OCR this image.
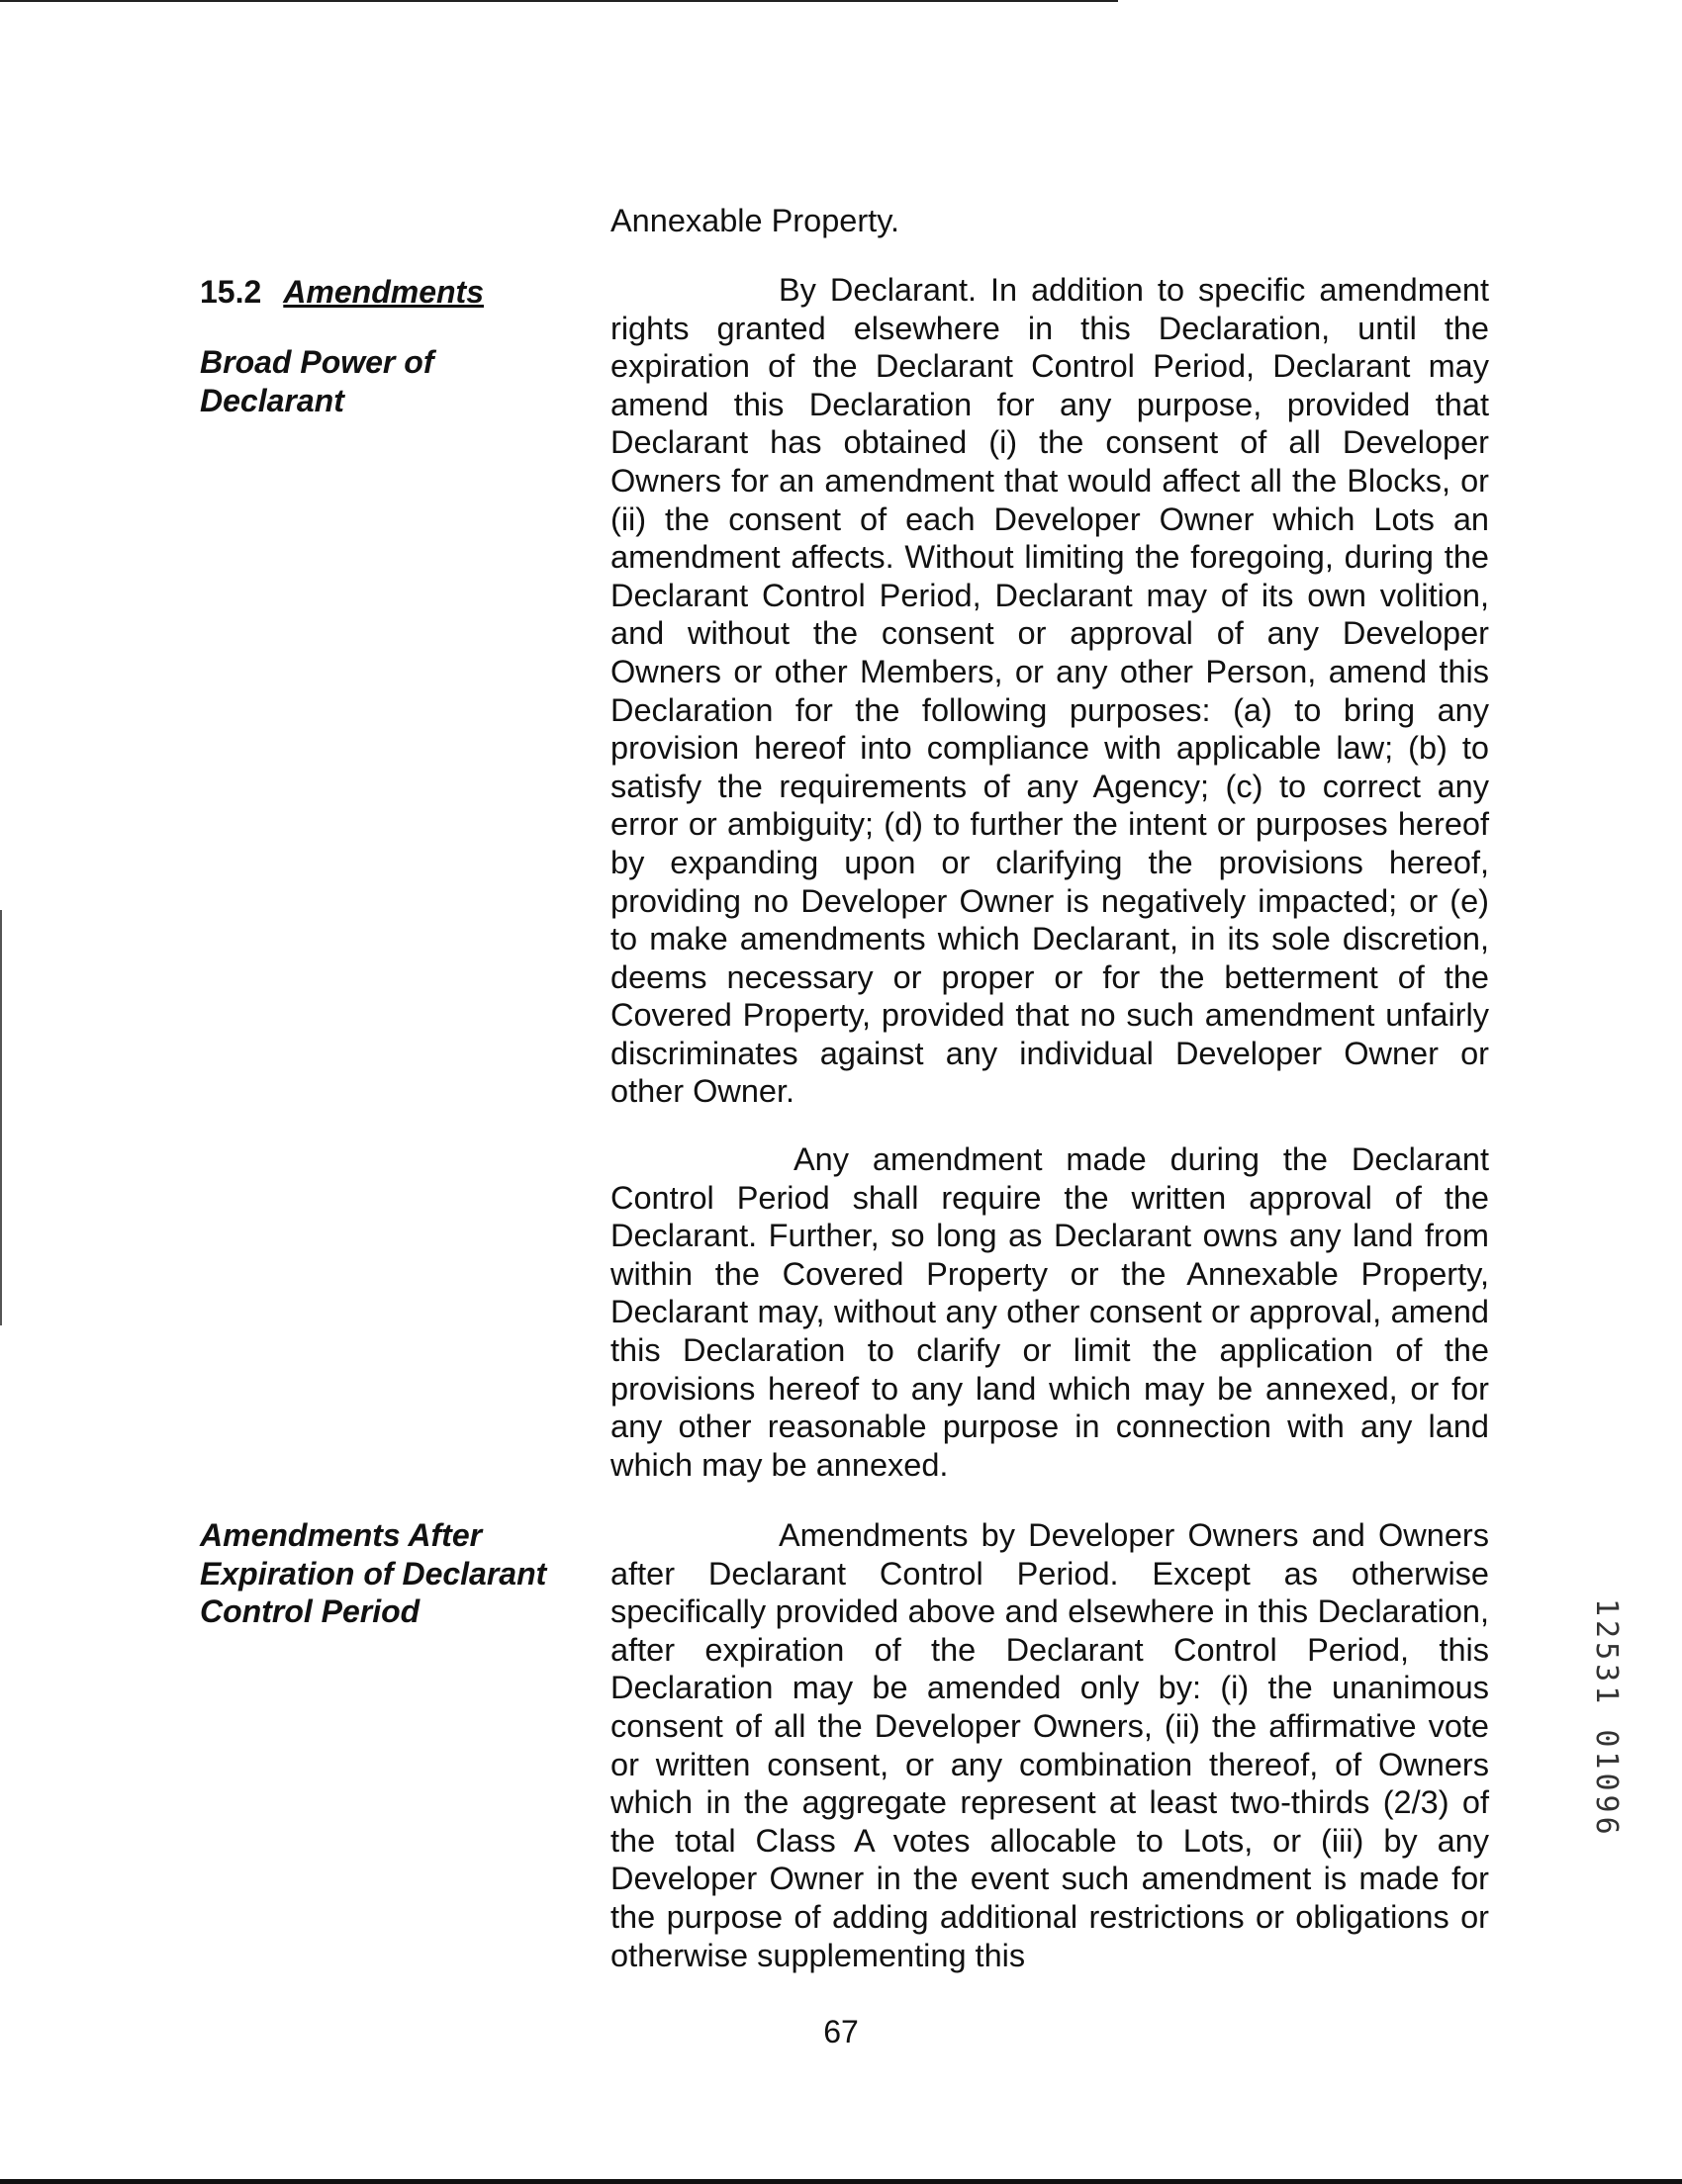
Annexable Property.

15.2 Amendments

Broad Power of Declarant

By Declarant. In addition to specific amendment rights granted elsewhere in this Declaration, until the expiration of the Declarant Control Period, Declarant may amend this Declaration for any purpose, provided that Declarant has obtained (i) the consent of all Developer Owners for an amendment that would affect all the Blocks, or (ii) the consent of each Developer Owner which Lots an amendment affects. Without limiting the foregoing, during the Declarant Control Period, Declarant may of its own volition, and without the consent or approval of any Developer Owners or other Members, or any other Person, amend this Declaration for the following purposes: (a) to bring any provision hereof into compliance with applicable law; (b) to satisfy the requirements of any Agency; (c) to correct any error or ambiguity; (d) to further the intent or purposes hereof by expanding upon or clarifying the provisions hereof, providing no Developer Owner is negatively impacted; or (e) to make amendments which Declarant, in its sole discretion, deems necessary or proper or for the betterment of the Covered Property, provided that no such amendment unfairly discriminates against any individual Developer Owner or other Owner.

Any amendment made during the Declarant Control Period shall require the written approval of the Declarant. Further, so long as Declarant owns any land from within the Covered Property or the Annexable Property, Declarant may, without any other consent or approval, amend this Declaration to clarify or limit the application of the provisions hereof to any land which may be annexed, or for any other reasonable purpose in connection with any land which may be annexed.

Amendments After Expiration of Declarant Control Period

Amendments by Developer Owners and Owners after Declarant Control Period. Except as otherwise specifically provided above and elsewhere in this Declaration, after expiration of the Declarant Control Period, this Declaration may be amended only by: (i) the unanimous consent of all the Developer Owners, (ii) the affirmative vote or written consent, or any combination thereof, of Owners which in the aggregate represent at least two-thirds (2/3) of the total Class A votes allocable to Lots, or (iii) by any Developer Owner in the event such amendment is made for the purpose of adding additional restrictions or obligations or otherwise supplementing this

67

12531 01096
